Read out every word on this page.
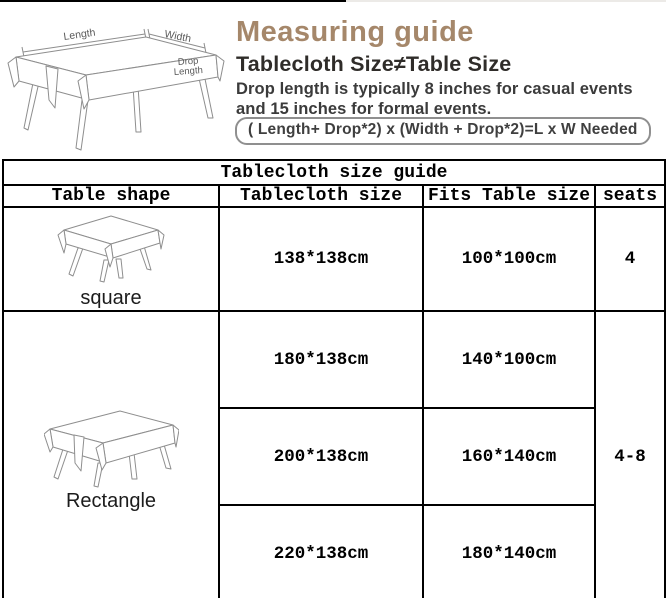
Length	Width
Drop
Length
Measuring guide
Tablecloth Size≠Table Size
Drop length is typically 8 inches for casual events
and 15 inches for formal events.
( Length+ Drop*2) x (Width + Drop*2)=L x W Needed
Tablecloth size guide			
Table shape	Tablecloth size	Fits Table size	seats

square	138*138cm	100*100cm	4

Rectangle	180*138cm	140*100cm	4-8
	200*138cm	160*140cm	
	220*138cm	180*140cm	
